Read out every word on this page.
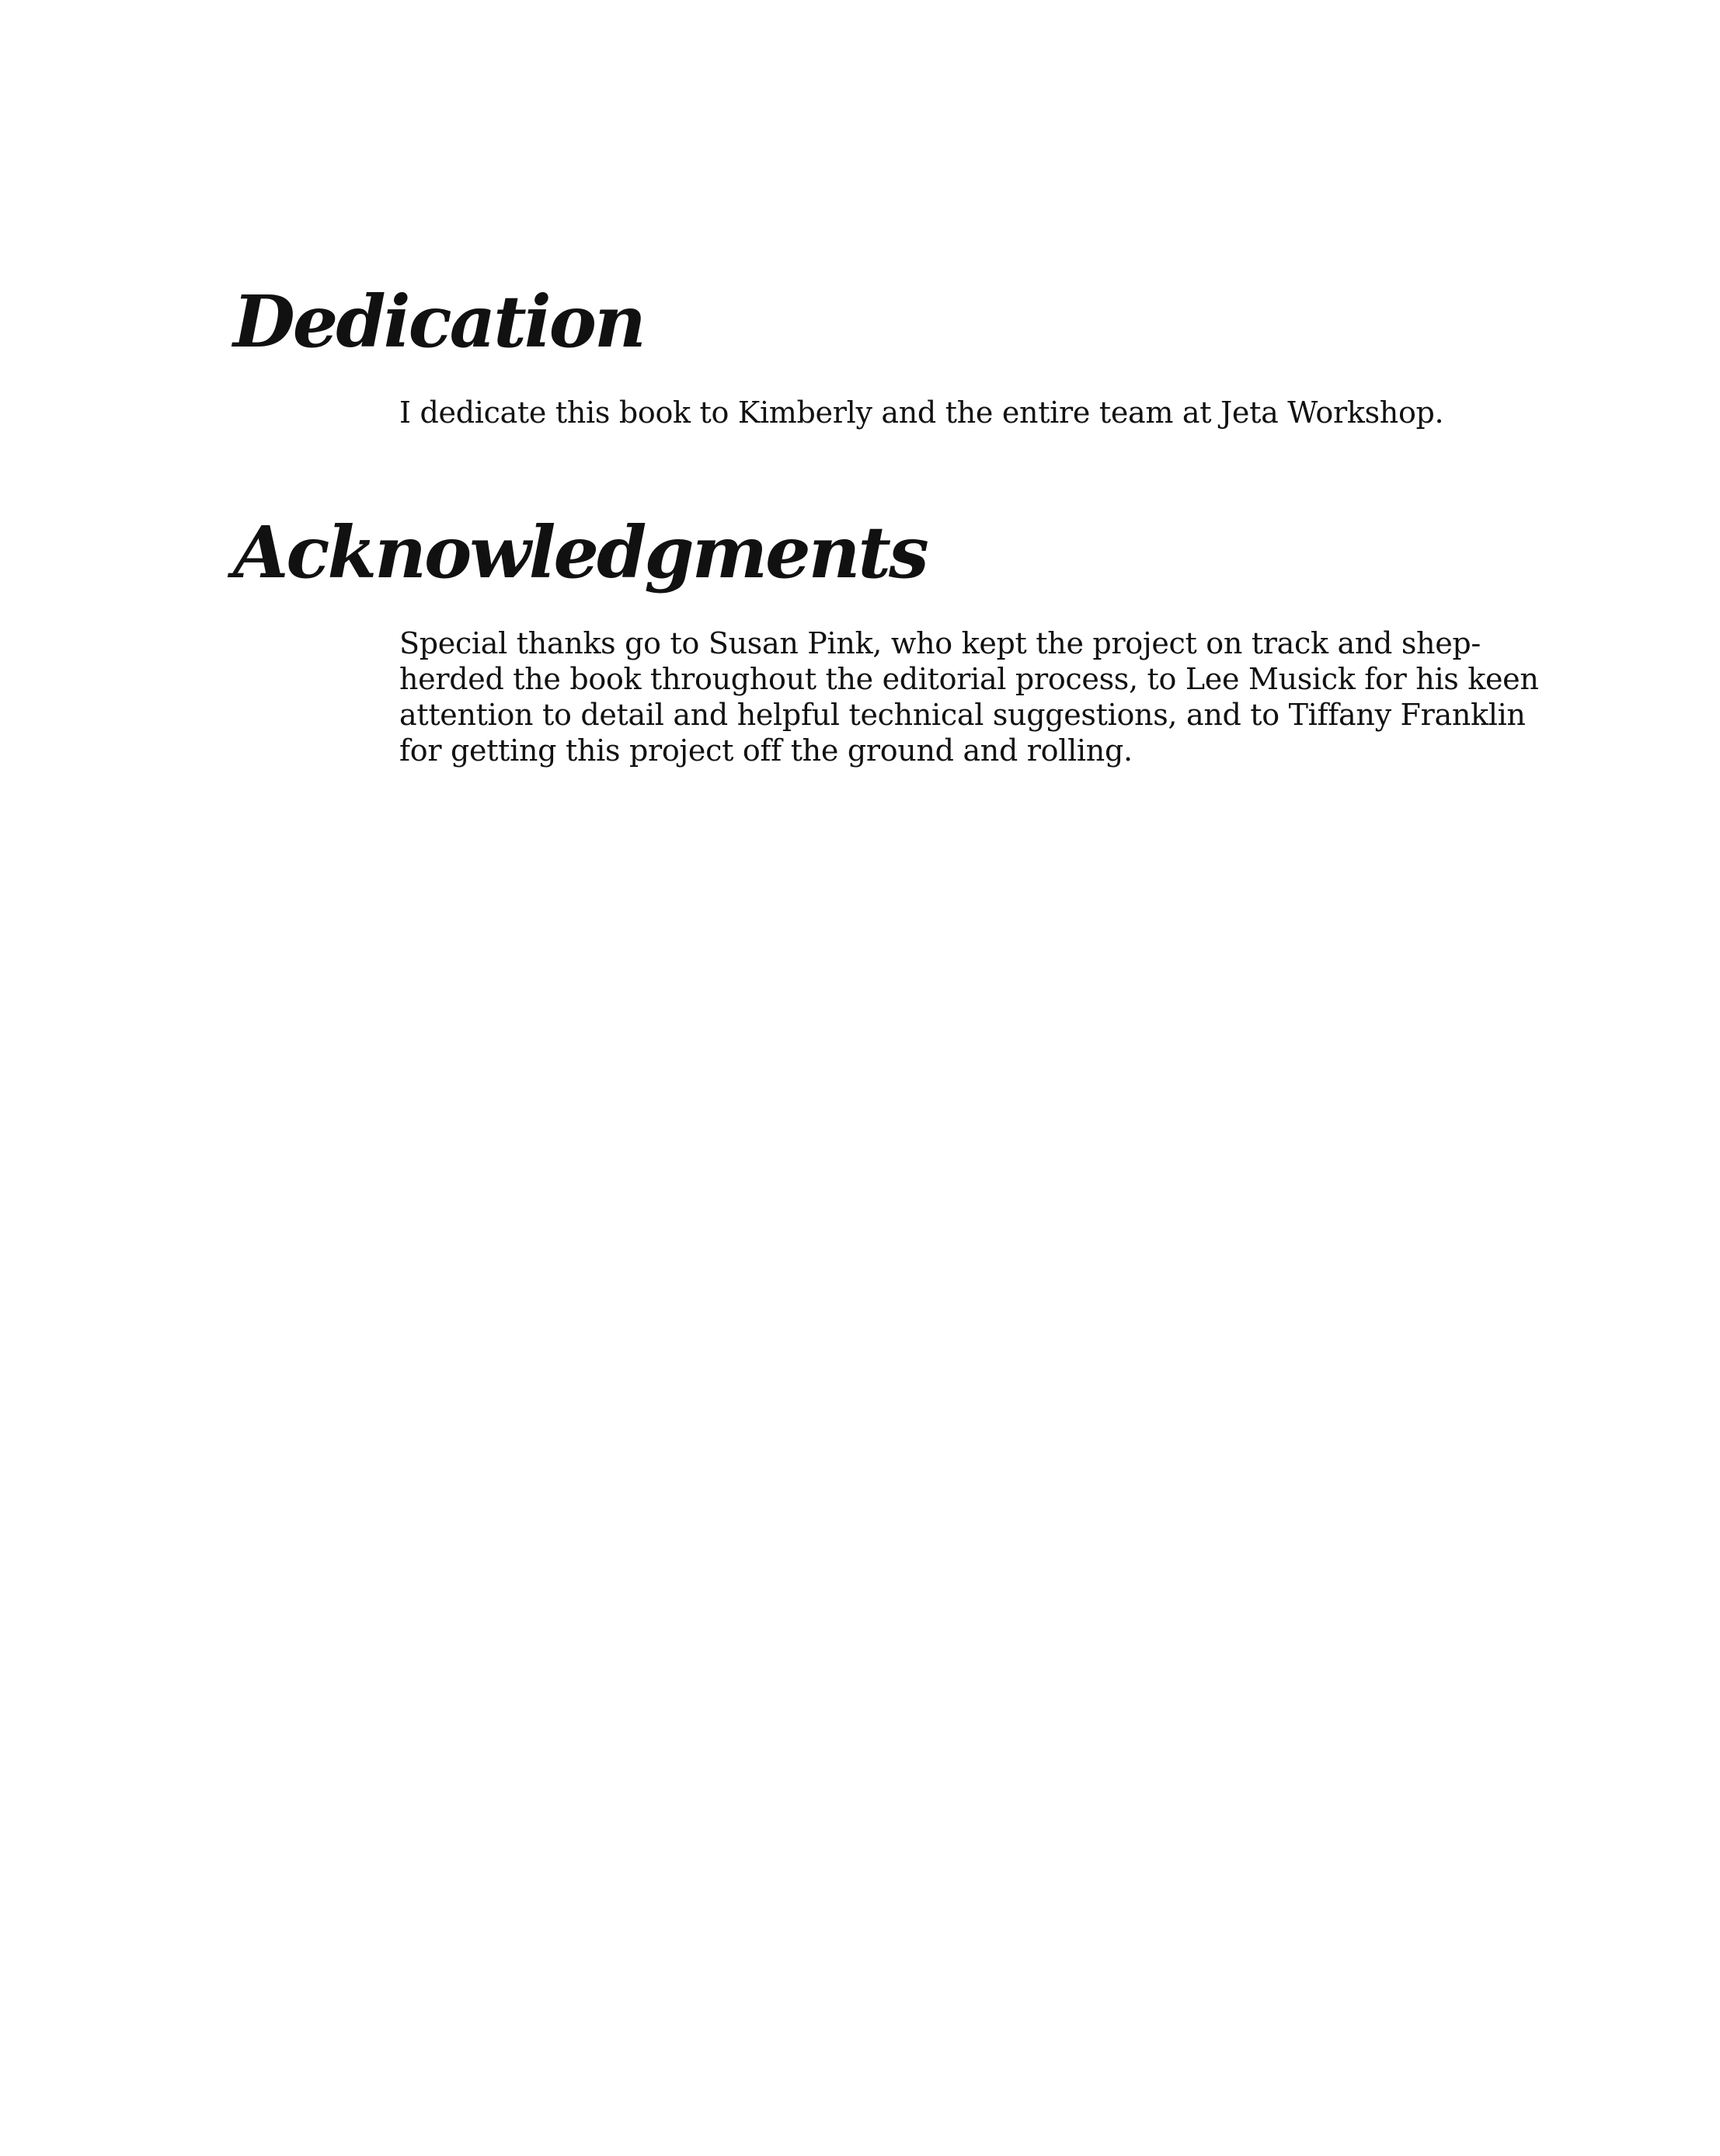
Dedication

I dedicate this book to Kimberly and the entire team at Jeta Workshop.

Acknowledgments

Special thanks go to Susan Pink, who kept the project on track and shep-
herded the book throughout the editorial process, to Lee Musick for his keen
attention to detail and helpful technical suggestions, and to Tiffany Franklin
for getting this project off the ground and rolling.
